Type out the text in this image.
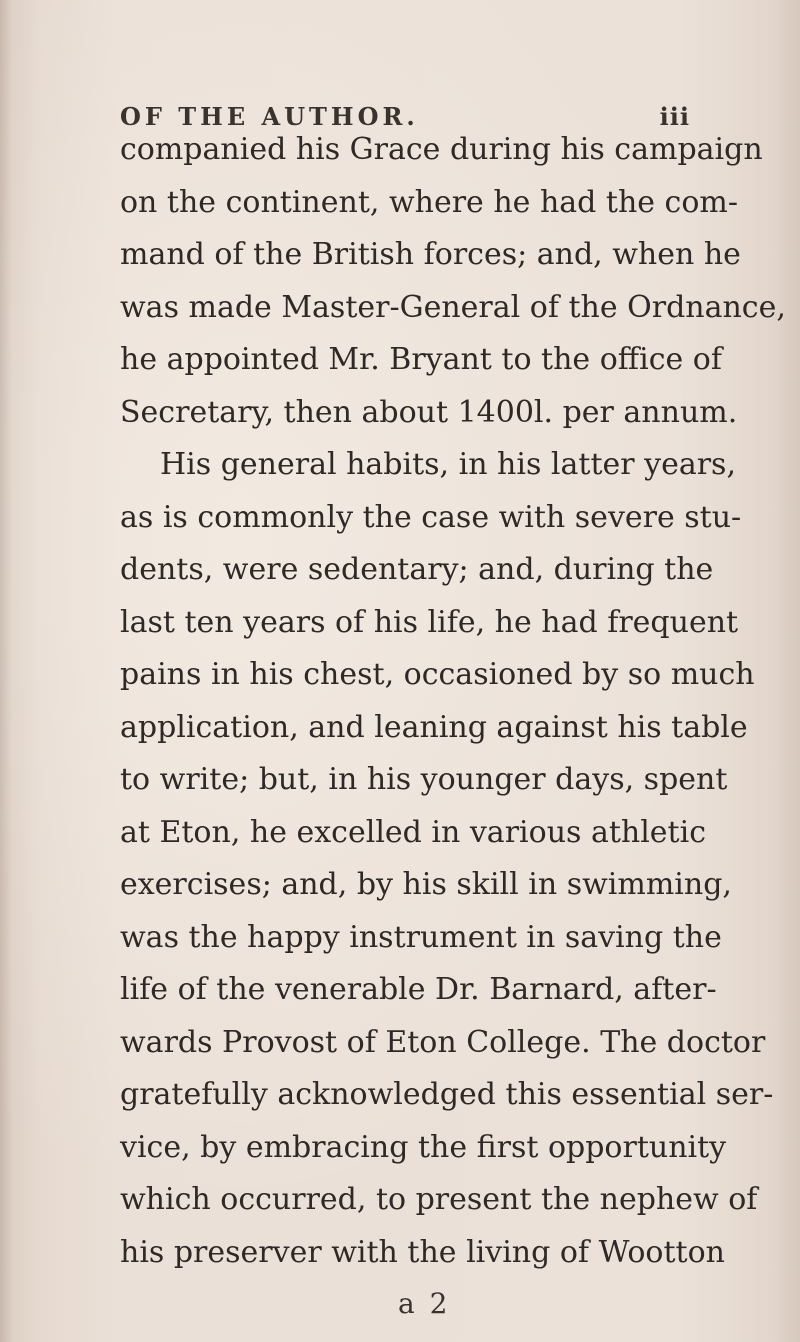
OF THE AUTHOR.	iii
companied his Grace during his campaign
on the continent, where he had the com-
mand of the British forces; and, when he
was made Master-General of the Ordnance,
he appointed Mr. Bryant to the office of
Secretary, then about 1400l. per annum.
His general habits, in his latter years,
as is commonly the case with severe stu-
dents, were sedentary; and, during the
last ten years of his life, he had frequent
pains in his chest, occasioned by so much
application, and leaning against his table
to write; but, in his younger days, spent
at Eton, he excelled in various athletic
exercises; and, by his skill in swimming,
was the happy instrument in saving the
life of the venerable Dr. Barnard, after-
wards Provost of Eton College. The doctor
gratefully acknowledged this essential ser-
vice, by embracing the first opportunity
which occurred, to present the nephew of
his preserver with the living of Wootton
a 2
